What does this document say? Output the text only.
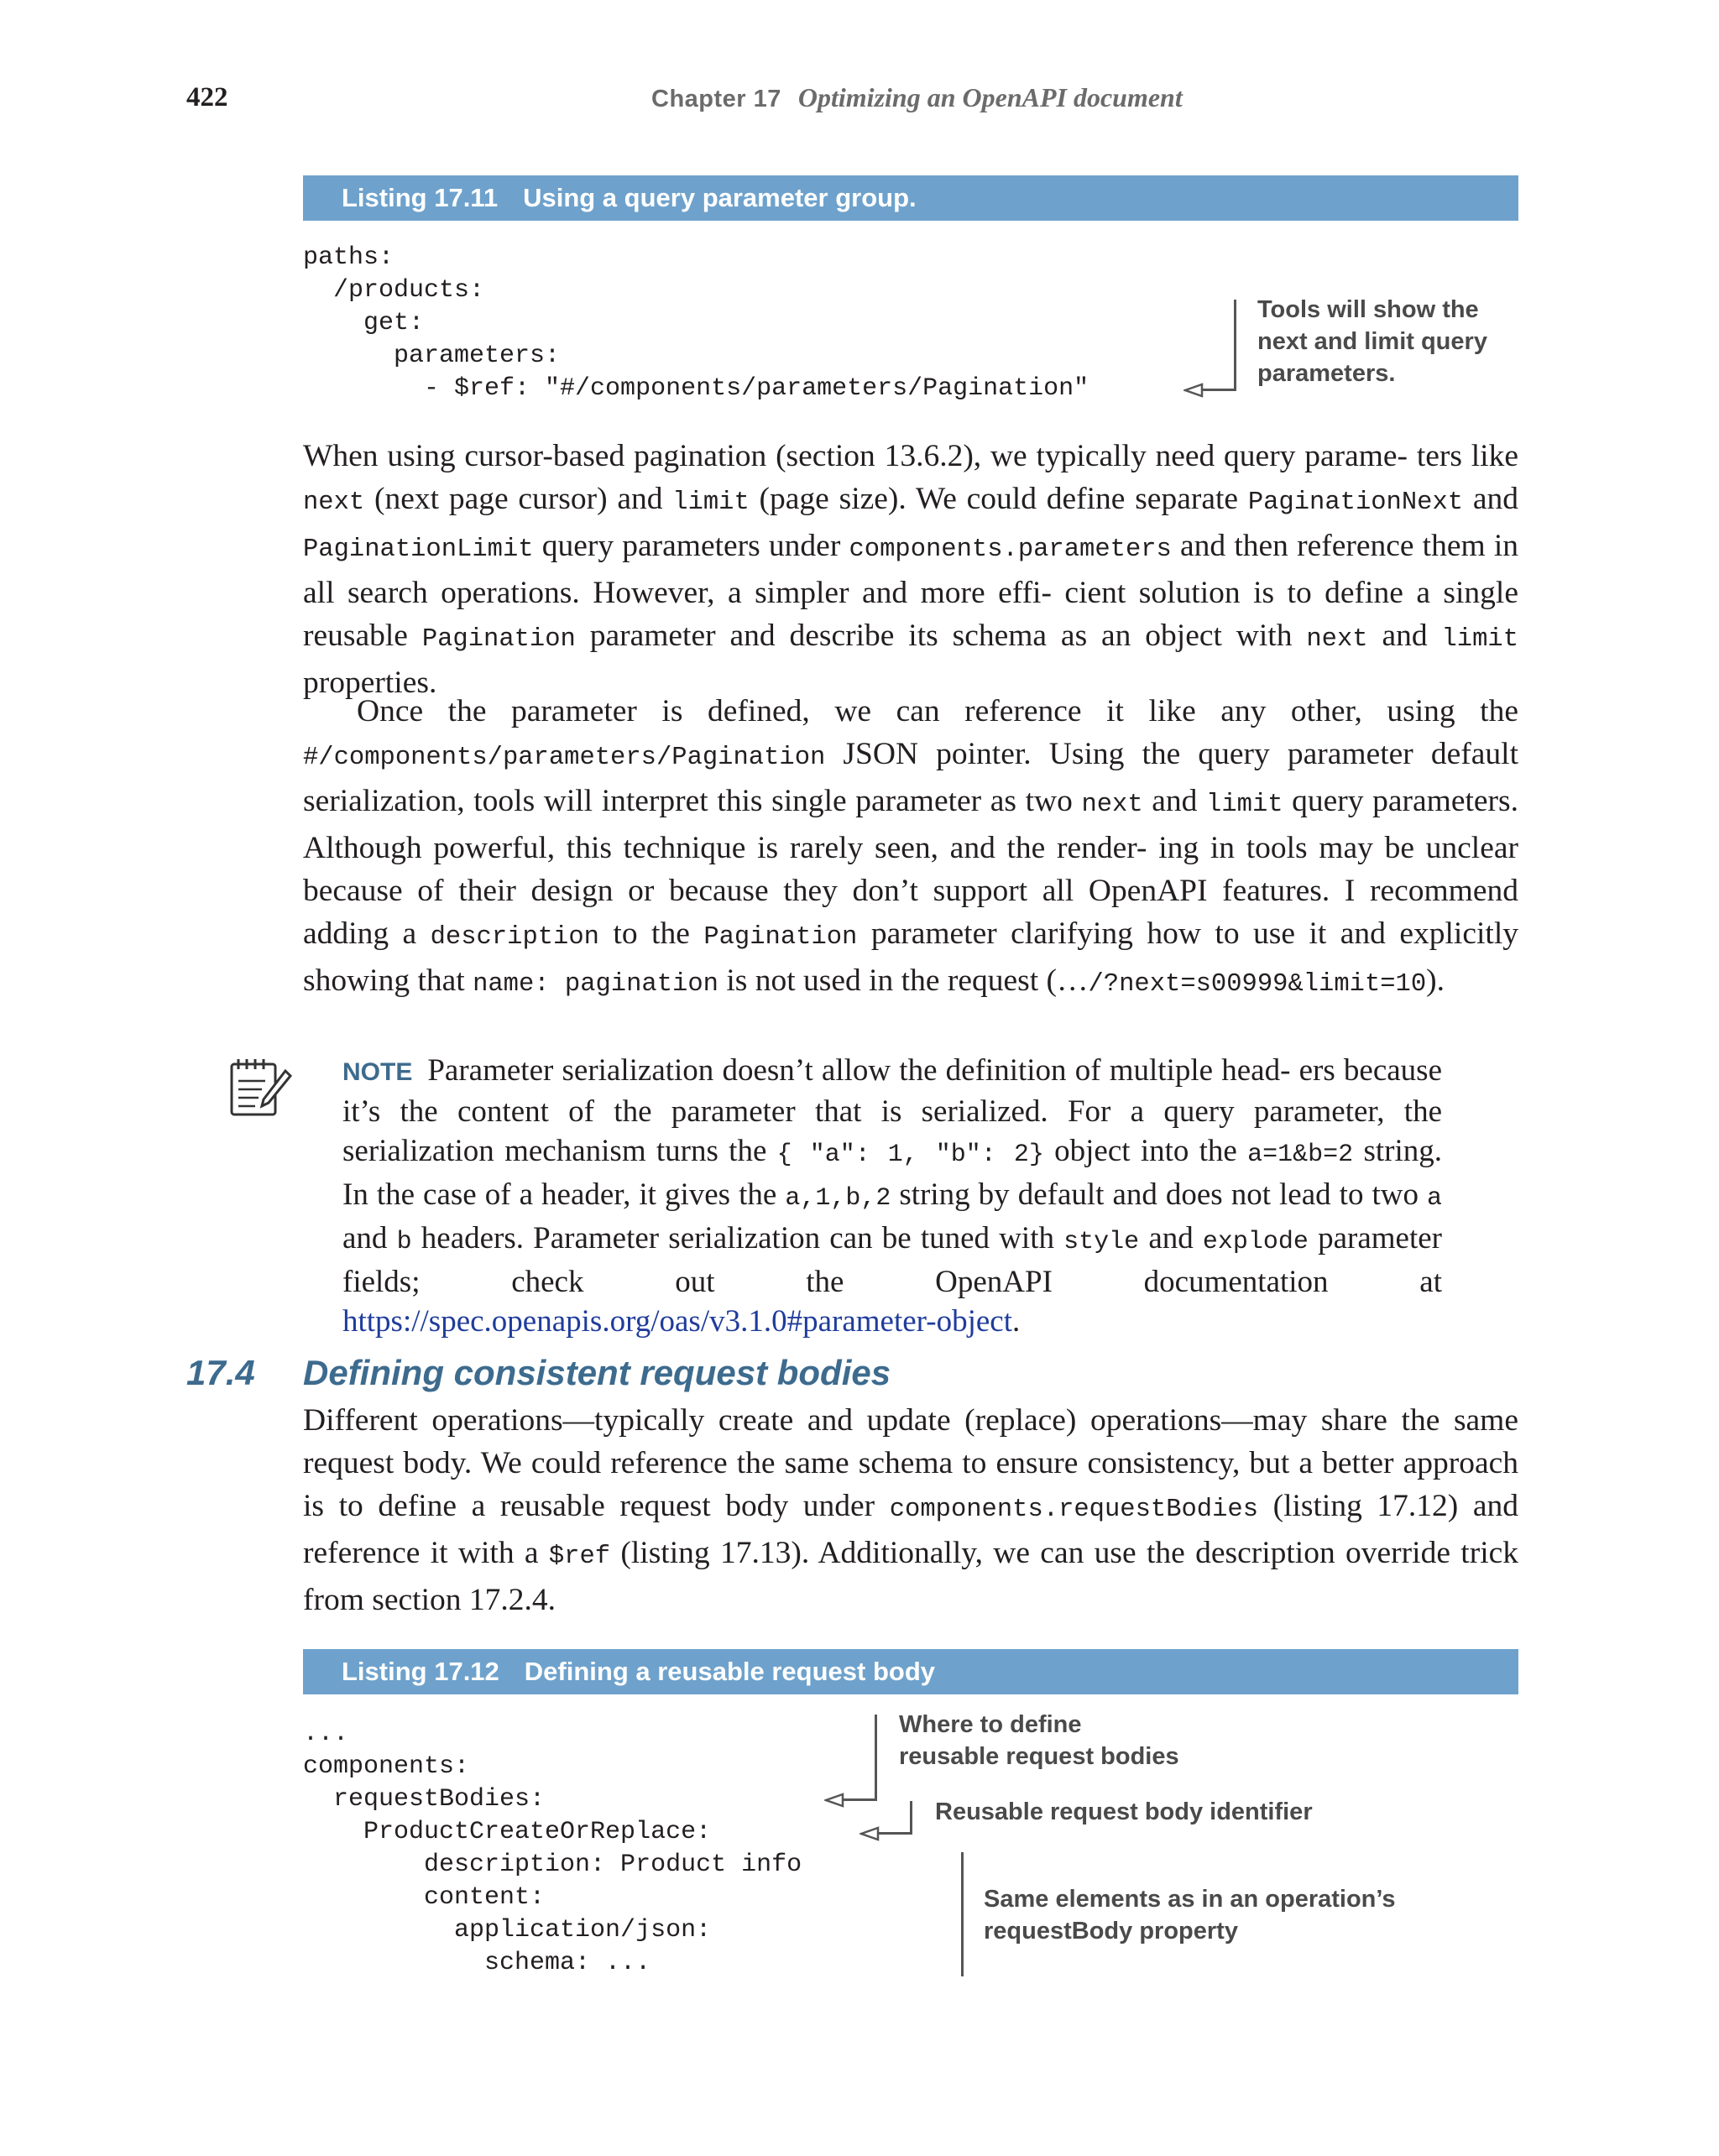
422	Chapter 17 Optimizing an OpenAPI document
Listing 17.11 Using a query parameter group.
paths:
/products:
get:
parameters:
- $ref: "#/components/parameters/Pagination"
Tools will show the
next and limit query
parameters.
When using cursor-based pagination (section 13.6.2), we typically need query parame- ters like next (next page cursor) and limit (page size). We could define separate PaginationNext and PaginationLimit query parameters under components.parameters and then reference them in all search operations. However, a simpler and more effi- cient solution is to define a single reusable Pagination parameter and describe its schema as an object with next and limit properties.
Once the parameter is defined, we can reference it like any other, using the #/components/parameters/Pagination JSON pointer. Using the query parameter default serialization, tools will interpret this single parameter as two next and limit query parameters. Although powerful, this technique is rarely seen, and the render- ing in tools may be unclear because of their design or because they don’t support all OpenAPI features. I recommend adding a description to the Pagination parameter clarifying how to use it and explicitly showing that name: pagination is not used in the request (…/?next=s00999&limit=10).
NOTE Parameter serialization doesn’t allow the definition of multiple head- ers because it’s the content of the parameter that is serialized. For a query parameter, the serialization mechanism turns the { "a": 1, "b": 2} object into the a=1&b=2 string. In the case of a header, it gives the a,1,b,2 string by default and does not lead to two a and b headers. Parameter serialization can be tuned with style and explode parameter fields; check out the OpenAPI documentation at https://spec.openapis.org/oas/v3.1.0#parameter-object.
17.4 Defining consistent request bodies
Different operations—typically create and update (replace) operations—may share the same request body. We could reference the same schema to ensure consistency, but a better approach is to define a reusable request body under components.requestBodies (listing 17.12) and reference it with a $ref (listing 17.13). Additionally, we can use the description override trick from section 17.2.4.
Listing 17.12 Defining a reusable request body
...
components:
requestBodies:
ProductCreateOrReplace:
description: Product info
content:
application/json:
schema: ...
Where to define
reusable request bodies
Reusable request body identifier
Same elements as in an operation’s
requestBody property
